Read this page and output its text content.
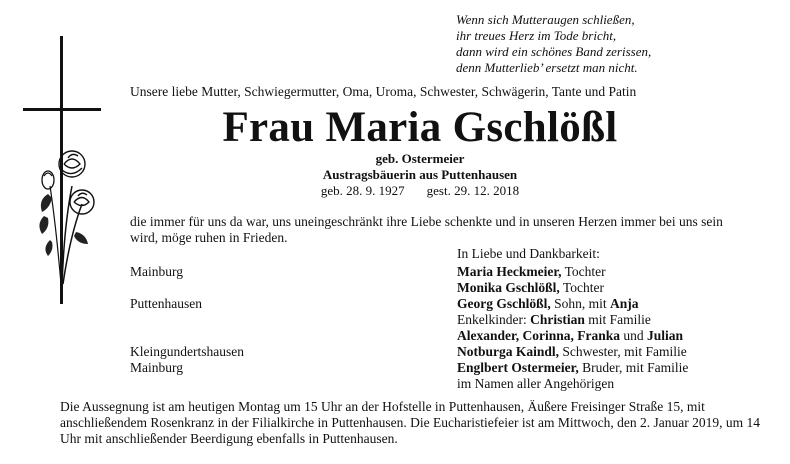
Wenn sich Mutteraugen schließen,
ihr treues Herz im Tode bricht,
dann wird ein schönes Band zerissen,
denn Mutterlieb’ ersetzt man nicht.
Unsere liebe Mutter, Schwiegermutter, Oma, Uroma, Schwester, Schwägerin, Tante und Patin
Frau Maria Gschlößl
geb. Ostermeier
Austragsbäuerin aus Puttenhausen
geb. 28. 9. 1927 gest. 29. 12. 2018
die immer für uns da war, uns uneingeschränkt ihre Liebe schenkte und in unseren Herzen immer bei uns sein wird, möge ruhen in Frieden.
Mainburg
Puttenhausen
Kleingundertshausen
Mainburg
In Liebe und Dankbarkeit:
Maria Heckmeier, Tochter
Monika Gschlößl, Tochter
Georg Gschlößl, Sohn, mit Anja
Enkelkinder: Christian mit Familie
Alexander, Corinna, Franka und Julian
Notburga Kaindl, Schwester, mit Familie
Englbert Ostermeier, Bruder, mit Familie
im Namen aller Angehörigen
Die Aussegnung ist am heutigen Montag um 15 Uhr an der Hofstelle in Puttenhausen, Äußere Freisinger Straße 15, mit anschließendem Rosenkranz in der Filialkirche in Puttenhausen. Die Eucharistiefeier ist am Mittwoch, den 2. Januar 2019, um 14 Uhr mit anschließender Beerdigung ebenfalls in Puttenhausen.
